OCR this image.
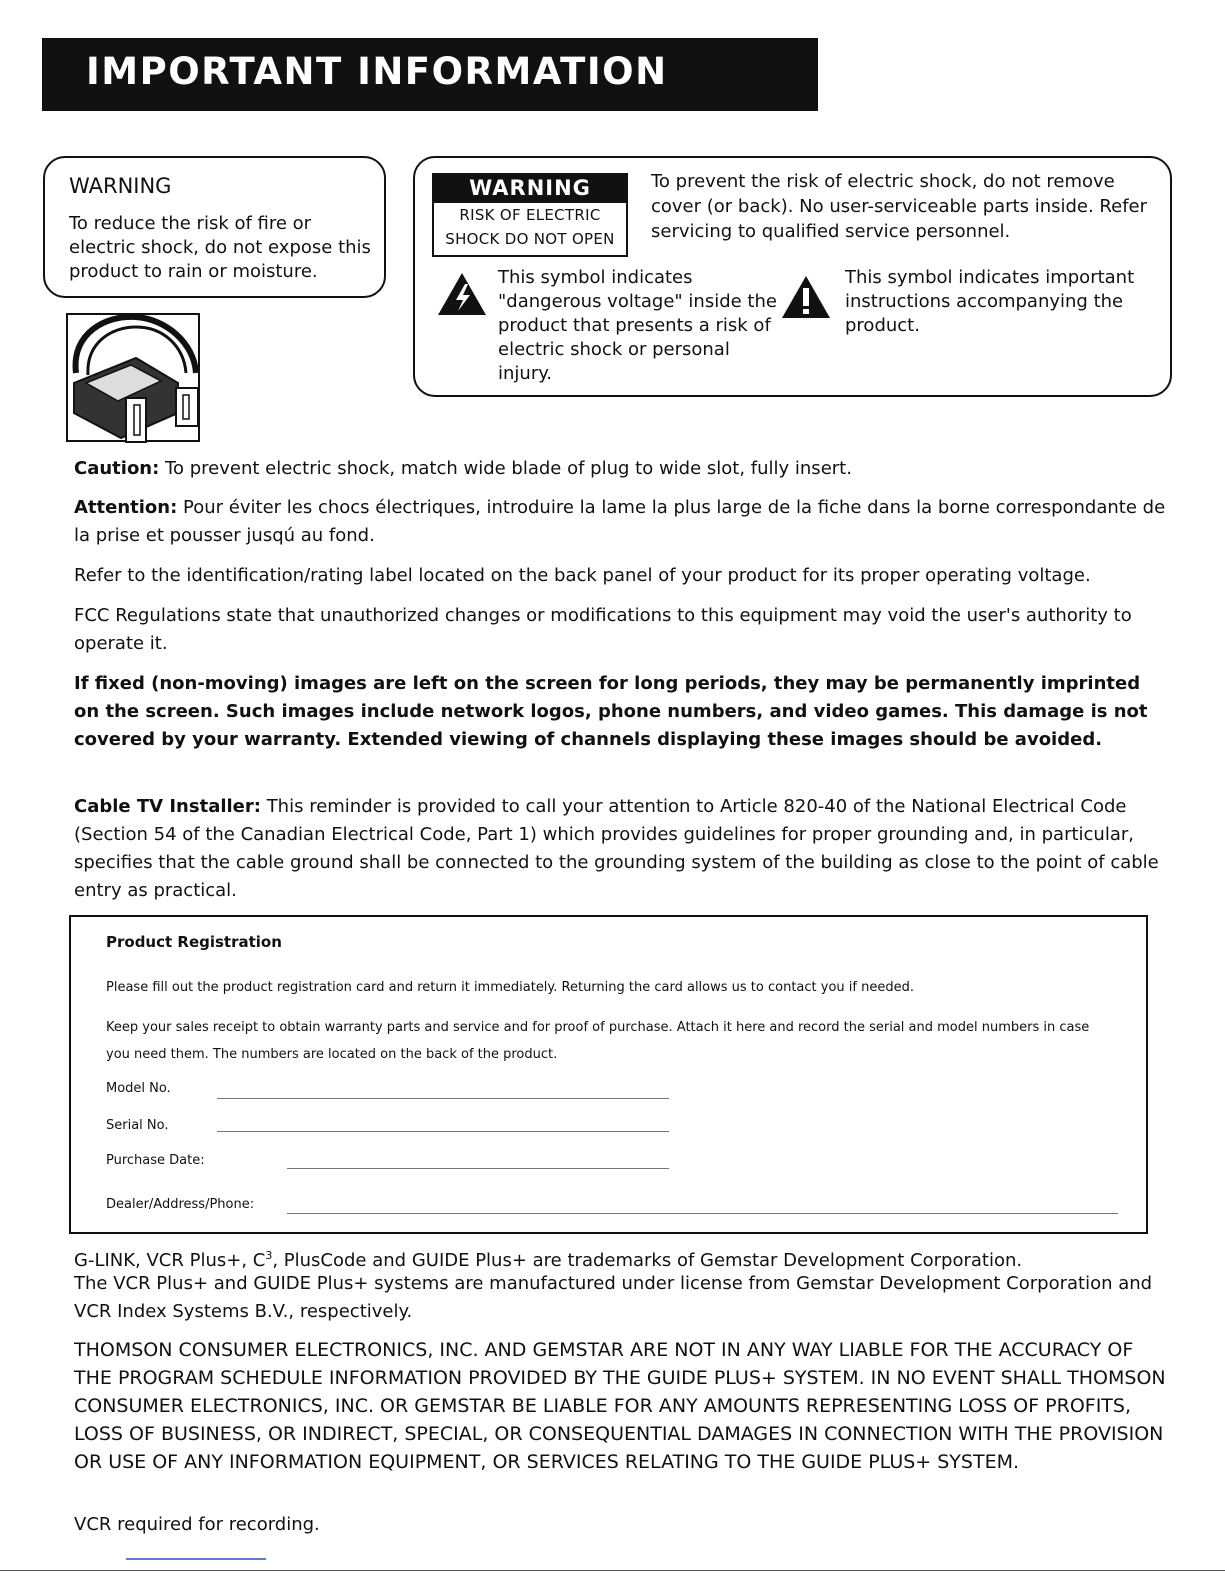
IMPORTANT INFORMATION
WARNING
To reduce the risk of fire or electric shock, do not expose this product to rain or moisture.
WARNING
RISK OF ELECTRIC
SHOCK DO NOT OPEN
To prevent the risk of electric shock, do not remove cover (or back). No user-serviceable parts inside. Refer servicing to qualified service personnel.
This symbol indicates "dangerous voltage" inside the product that presents a risk of electric shock or personal injury.
This symbol indicates important instructions accompanying the product.
Caution: To prevent electric shock, match wide blade of plug to wide slot, fully insert.
Attention: Pour éviter les chocs électriques, introduire la lame la plus large de la fiche dans la borne correspondante de la prise et pousser jusqú au fond.
Refer to the identification/rating label located on the back panel of your product for its proper operating voltage.
FCC Regulations state that unauthorized changes or modifications to this equipment may void the user's authority to operate it.
If fixed (non-moving) images are left on the screen for long periods, they may be permanently imprinted on the screen. Such images include network logos, phone numbers, and video games. This damage is not covered by your warranty. Extended viewing of channels displaying these images should be avoided.
Cable TV Installer: This reminder is provided to call your attention to Article 820-40 of the National Electrical Code (Section 54 of the Canadian Electrical Code, Part 1) which provides guidelines for proper grounding and, in particular, specifies that the cable ground shall be connected to the grounding system of the building as close to the point of cable entry as practical.
Product Registration
Please fill out the product registration card and return it immediately. Returning the card allows us to contact you if needed.
Keep your sales receipt to obtain warranty parts and service and for proof of purchase. Attach it here and record the serial and model numbers in case you need them. The numbers are located on the back of the product.
Model No.
Serial No.
Purchase Date:
Dealer/Address/Phone:
G-LINK, VCR Plus+, $C^3$, PlusCode and GUIDE Plus+ are trademarks of Gemstar Development Corporation.
The VCR Plus+ and GUIDE Plus+ systems are manufactured under license from Gemstar Development Corporation and VCR Index Systems B.V., respectively.
THOMSON CONSUMER ELECTRONICS, INC. AND GEMSTAR ARE NOT IN ANY WAY LIABLE FOR THE ACCURACY OF THE PROGRAM SCHEDULE INFORMATION PROVIDED BY THE GUIDE PLUS+ SYSTEM. IN NO EVENT SHALL THOMSON CONSUMER ELECTRONICS, INC. OR GEMSTAR BE LIABLE FOR ANY AMOUNTS REPRESENTING LOSS OF PROFITS, LOSS OF BUSINESS, OR INDIRECT, SPECIAL, OR CONSEQUENTIAL DAMAGES IN CONNECTION WITH THE PROVISION OR USE OF ANY INFORMATION EQUIPMENT, OR SERVICES RELATING TO THE GUIDE PLUS+ SYSTEM.
VCR required for recording.
